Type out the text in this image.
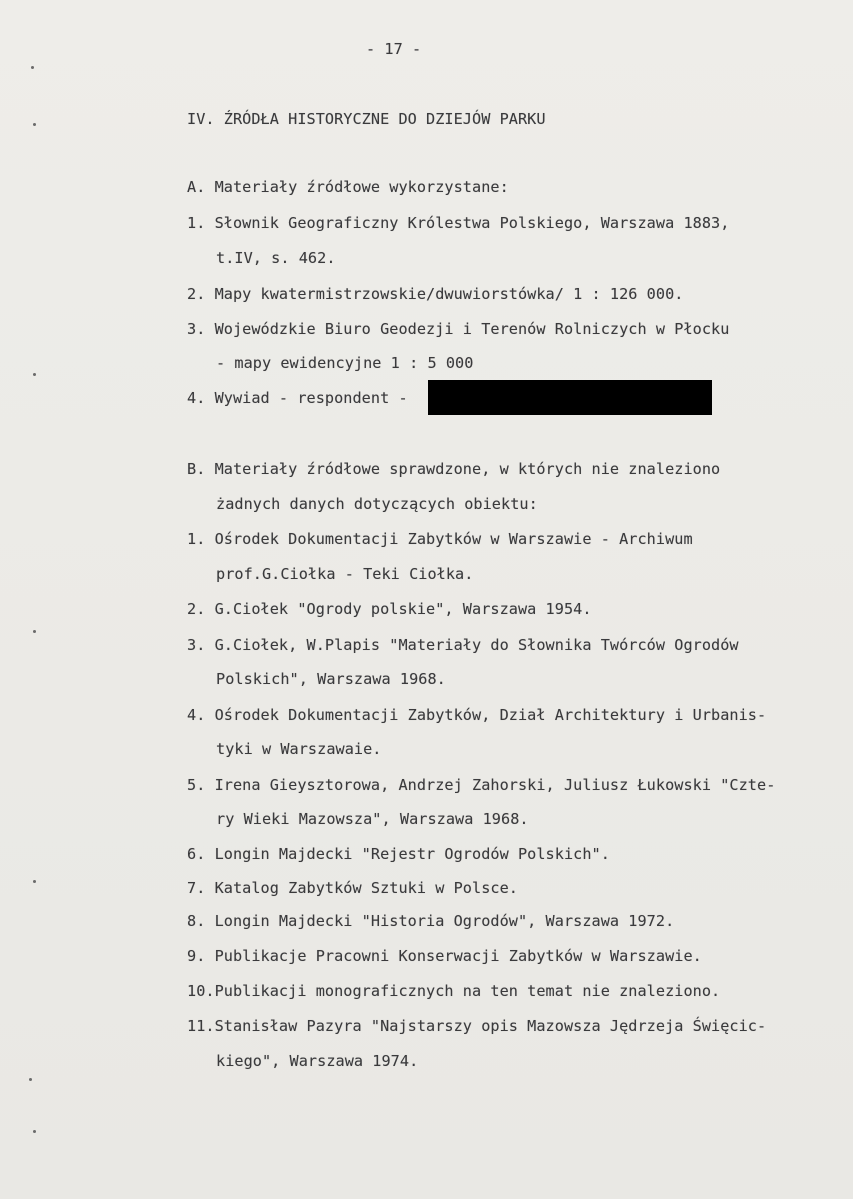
- 17 -
IV. ŹRÓDŁA HISTORYCZNE DO DZIEJÓW PARKU
A. Materiały źródłowe wykorzystane:
1. Słownik Geograficzny Królestwa Polskiego, Warszawa 1883,
t.IV, s. 462.
2. Mapy kwatermistrzowskie/dwuwiorstówka/ 1 : 126 000.
3. Wojewódzkie Biuro Geodezji i Terenów Rolniczych w Płocku
- mapy ewidencyjne 1 : 5 000
4. Wywiad - respondent -
B. Materiały źródłowe sprawdzone, w których nie znaleziono
żadnych danych dotyczących obiektu:
1. Ośrodek Dokumentacji Zabytków w Warszawie - Archiwum
prof.G.Ciołka - Teki Ciołka.
2. G.Ciołek "Ogrody polskie", Warszawa 1954.
3. G.Ciołek, W.Plapis "Materiały do Słownika Twórców Ogrodów
Polskich", Warszawa 1968.
4. Ośrodek Dokumentacji Zabytków, Dział Architektury i Urbanis-
tyki w Warszawaie.
5. Irena Gieysztorowa, Andrzej Zahorski, Juliusz Łukowski "Czte-
ry Wieki Mazowsza", Warszawa 1968.
6. Longin Majdecki "Rejestr Ogrodów Polskich".
7. Katalog Zabytków Sztuki w Polsce.
8. Longin Majdecki "Historia Ogrodów", Warszawa 1972.
9. Publikacje Pracowni Konserwacji Zabytków w Warszawie.
10.Publikacji monograficznych na ten temat nie znaleziono.
11.Stanisław Pazyra "Najstarszy opis Mazowsza Jędrzeja Święcic-
kiego", Warszawa 1974.
